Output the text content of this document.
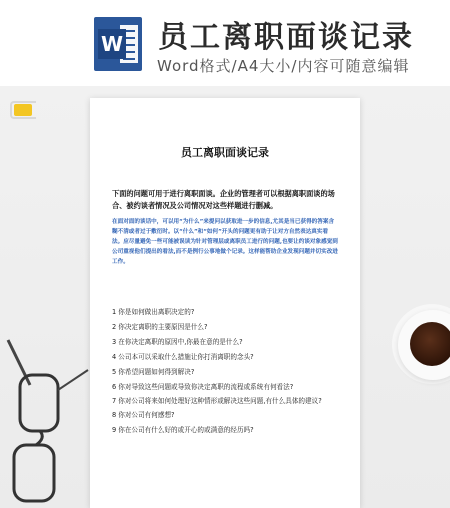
W 员工离职面谈记录
Word格式/A4大小/内容可随意编辑
员工离职面谈记录
下面的问题可用于进行离职面谈。企业的管理者可以根据离职面谈的场合、被约谈者情况及公司情况对这些样题进行删减。
在面对面的谈话中，可以用“为什么”来提问以获取进一步的信息,尤其是当已获得的答案含糊不清或者过于敷衍时。以“什么”和“如何”开头的问题更有助于让对方自然表达真实看法。应尽量避免一些可能被误读为针对管理层或离职员工进行的问题,也要让约谈对象感觉到公司重视他们提出的看法,而不是例行公事地做个记录。这样能帮助企业发现问题并切实改进工作。
1 你是如何做出离职决定的?
2 你决定离职的主要原因是什么?
3 在你决定离职的原因中,你最在意的是什么?
4 公司本可以采取什么措施让你打消离职的念头?
5 你希望问题如何得到解决?
6 你对导致这些问题或导致你决定离职的流程或系统有何看法?
7 你对公司将来如何处理好这种情形或解决这些问题,有什么具体的建议?
8 你对公司有何感想?
9 你在公司有什么好的或开心的或满意的经历吗?
